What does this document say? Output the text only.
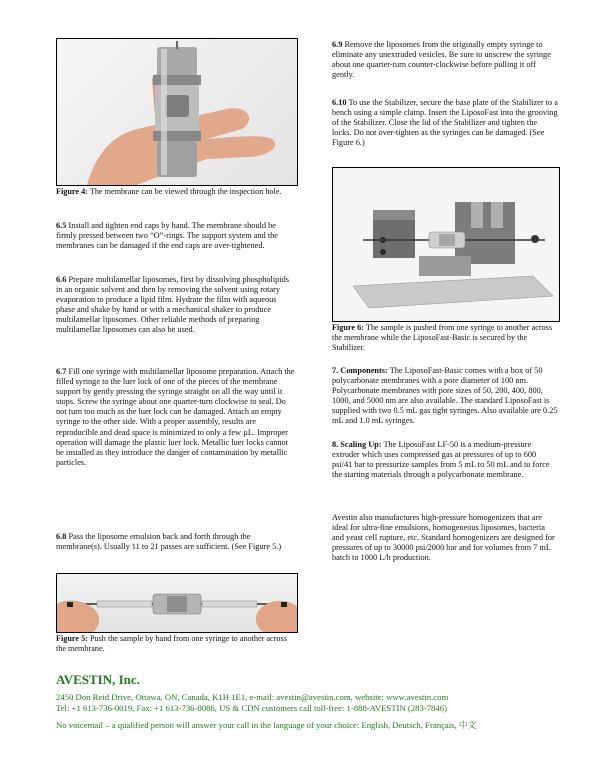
Figure 4: The membrane can be viewed through the inspection hole.

6.5 Install and tighten end caps by hand. The membrane should be firmly pressed between two “O”-rings. The support system and the membranes can be damaged if the end caps are over-tightened.

6.6 Prepare multilamellar liposomes, first by dissolving phospholipids in an organic solvent and then by removing the solvent using rotary evaporation to produce a lipid film. Hydrate the film with aqueous phase and shake by hand or with a mechanical shaker to produce multilamellar liposomes. Other reliable methods of preparing multilamellar liposomes can also be used.

6.7 Fill one syringe with multilamellar liposome preparation. Attach the filled syringe to the luer lock of one of the pieces of the membrane support by gently pressing the syringe straight on all the way until it stops. Screw the syringe about one quarter-turn clockwise to seal. Do not turn too much as the luer lock can be damaged. Attach an empty syringe to the other side. With a proper assembly, results are reproducible and dead space is minimized to only a few µL. Improper operation will damage the plastic luer lock. Metallic luer locks cannot be installed as they introduce the danger of contamination by metallic particles.

6.8 Pass the liposome emulsion back and forth through the membrane(s). Usually 11 to 21 passes are sufficient. (See Figure 5.)

Figure 5: Push the sample by hand from one syringe to another across the membrane.

6.9 Remove the liposomes from the originally empty syringe to eliminate any unextruded vesicles. Be sure to unscrew the syringe about one quarter-turn counter-clockwise before pulling it off gently.

6.10 To use the Stabilizer, secure the base plate of the Stabilizer to a bench using a simple clamp. Insert the LiposoFast into the grooving of the Stabilizer. Close the lid of the Stabilizer and tighten the locks. Do not over-tighten as the syringes can be damaged. (See Figure 6.)

Figure 6: The sample is pushed from one syringe to another across the membrane while the LiposoFast-Basic is secured by the Stabilizer.

7. Components: The LiposoFast-Basic comes with a box of 50 polycarbonate membranes with a pore diameter of 100 nm. Polycarbonate membranes with pore sizes of 50, 200, 400, 800, 1000, and 5000 nm are also available. The standard LiposoFast is supplied with two 0.5 mL gas tight syringes. Also available are 0.25 mL and 1.0 mL syringes.

8. Scaling Up: The LiposoFast LF-50 is a medium-pressure extruder which uses compressed gas at pressures of up to 600 psi/41 bar to pressurize samples from 5 mL to 50 mL and to force the starting materials through a polycarbonate membrane.

Avestin also manufactures high-pressure homogenizers that are ideal for ultra-fine emulsions, homogeneous liposomes, bacteria and yeast cell rupture, etc. Standard homogenizers are designed for pressures of up to 30000 psi/2000 bar and for volumes from 7 mL batch to 1000 L/h production.

AVESTIN, Inc.
2450 Don Reid Drive, Ottawa, ON, Canada, K1H 1E1, e-mail: avestin@avestin.com, website: www.avestin.com
Tel: +1 613-736-0019, Fax: +1 613-736-8086, US & CDN customers call toll-free: 1-888-AVESTIN (283-7846)
No voicemail – a qualified person will answer your call in the language of your choice: English, Deutsch, Français, 中文
